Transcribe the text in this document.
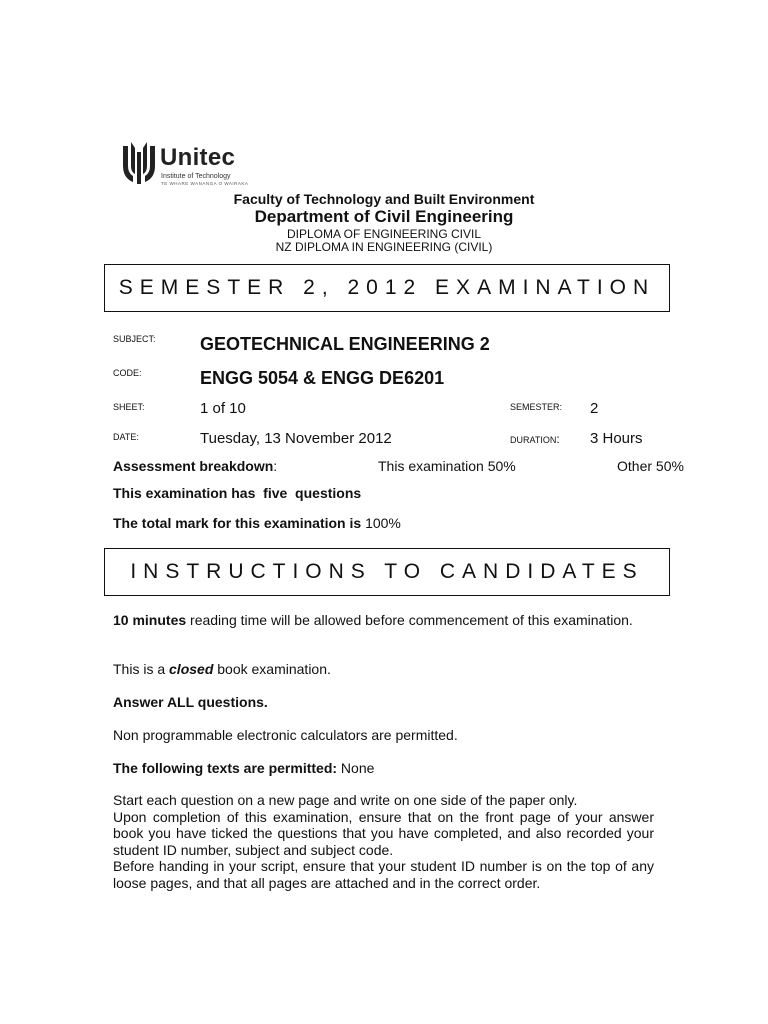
Unitec
Institute of Technology
TE WHARE WANANGA O WAIRAKA
Faculty of Technology and Built Environment
Department of Civil Engineering
DIPLOMA OF ENGINEERING CIVIL
NZ DIPLOMA IN ENGINEERING (CIVIL)
SEMESTER 2, 2012 EXAMINATION
SUBJECT: GEOTECHNICAL ENGINEERING 2
CODE:	ENGG 5054 & ENGG DE6201
SHEET:	1 of 10	SEMESTER: 2
DATE:	Tuesday, 13 November 2012	DURATION: 3 Hours
Assessment breakdown:	This examination 50%	Other 50%
This examination has  five  questions
The total mark for this examination is 100%
INSTRUCTIONS TO CANDIDATES
10 minutes reading time will be allowed before commencement of this examination.
This is a closed book examination.
Answer ALL questions.
Non programmable electronic calculators are permitted.
The following texts are permitted: None
Start each question on a new page and write on one side of the paper only.
Upon completion of this examination, ensure that on the front page of your answer book you have ticked the questions that you have completed, and also recorded your student ID number, subject and subject code.
Before handing in your script, ensure that your student ID number is on the top of any loose pages, and that all pages are attached and in the correct order.
